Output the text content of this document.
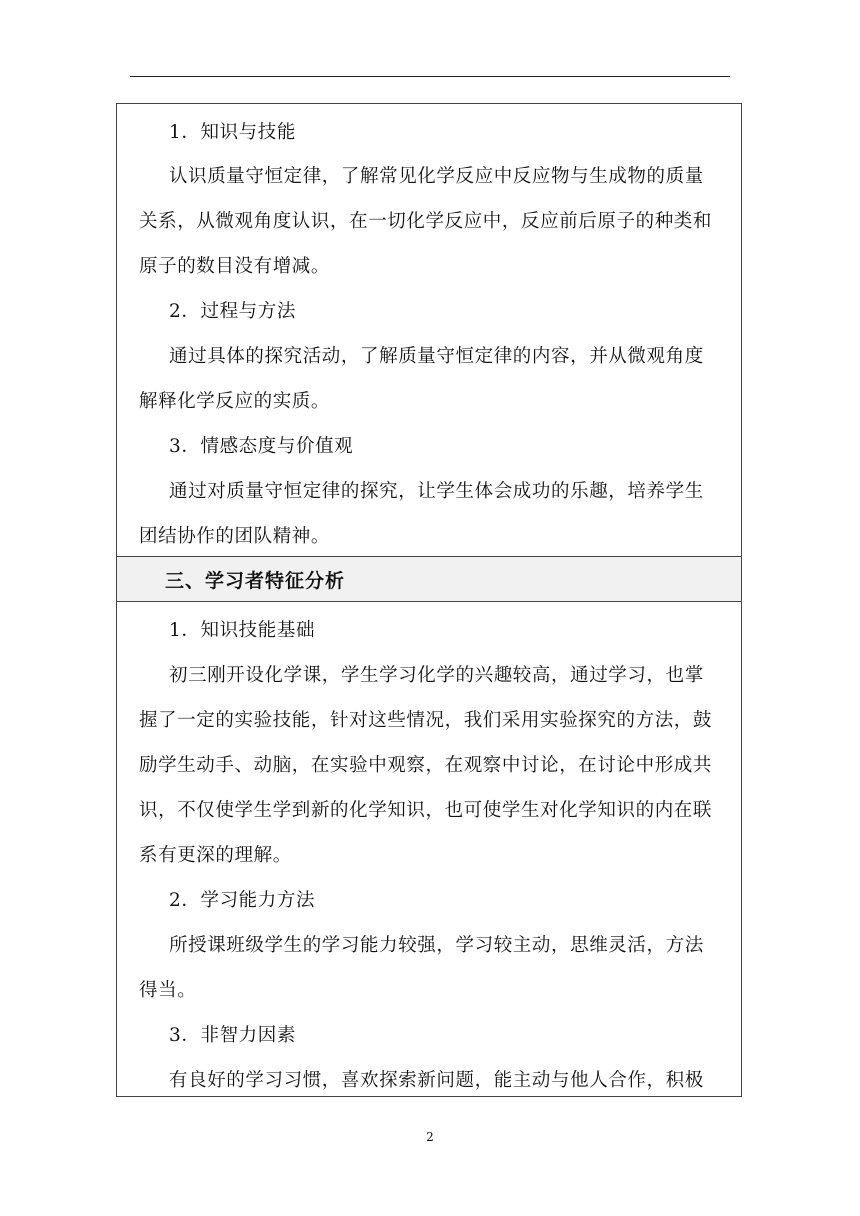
1．知识与技能
认识质量守恒定律，了解常见化学反应中反应物与生成物的质量
关系，从微观角度认识，在一切化学反应中，反应前后原子的种类和
原子的数目没有增减。
2．过程与方法
通过具体的探究活动，了解质量守恒定律的内容，并从微观角度
解释化学反应的实质。
3．情感态度与价值观
通过对质量守恒定律的探究，让学生体会成功的乐趣，培养学生
团结协作的团队精神。
三、学习者特征分析
1．知识技能基础
初三刚开设化学课，学生学习化学的兴趣较高，通过学习，也掌
握了一定的实验技能，针对这些情况，我们采用实验探究的方法，鼓
励学生动手、动脑，在实验中观察，在观察中讨论，在讨论中形成共
识，不仅使学生学到新的化学知识，也可使学生对化学知识的内在联
系有更深的理解。
2．学习能力方法
所授课班级学生的学习能力较强，学习较主动，思维灵活，方法
得当。
3．非智力因素
有良好的学习习惯，喜欢探索新问题，能主动与他人合作，积极
2
